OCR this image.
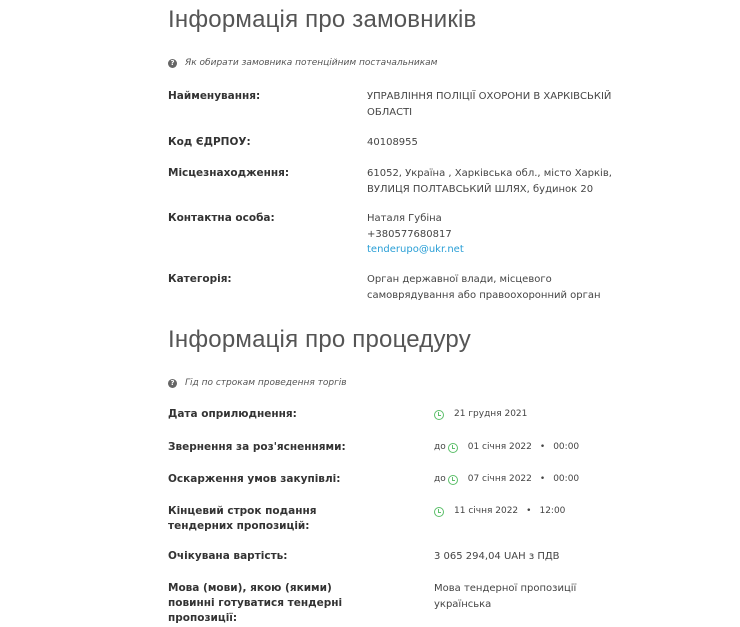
Інформація про замовників
? Як обирати замовника потенційним постачальникам
Найменування:	УПРАВЛІННЯ ПОЛІЦІЇ ОХОРОНИ В ХАРКІВСЬКІЙ
ОБЛАСТІ
Код ЄДРПОУ:	40108955
Місцезнаходження:	61052, Україна , Харківська обл., місто Харків,
ВУЛИЦЯ ПОЛТАВСЬКИЙ ШЛЯХ, будинок 20
Контактна особа:	Наталя Губіна
+380577680817
tenderupo@ukr.net
Категорія:	Орган державної влади, місцевого
самоврядування або правоохоронний орган
Інформація про процедуру
? Гід по строкам проведення торгів
Дата оприлюднення:	21 грудня 2021
Звернення за роз'ясненнями:	до 01 січня 2022 • 00:00
Оскарження умов закупівлі:	до 07 січня 2022 • 00:00
Кінцевий строк подання тендерних пропозицій:
11 січня 2022 • 12:00
Очікувана вартість:	3 065 294,04 UAH з ПДВ
Мова (мови), якою (якими) повинні готуватися тендерні пропозиції:
Мова тендерної пропозиції
українська
